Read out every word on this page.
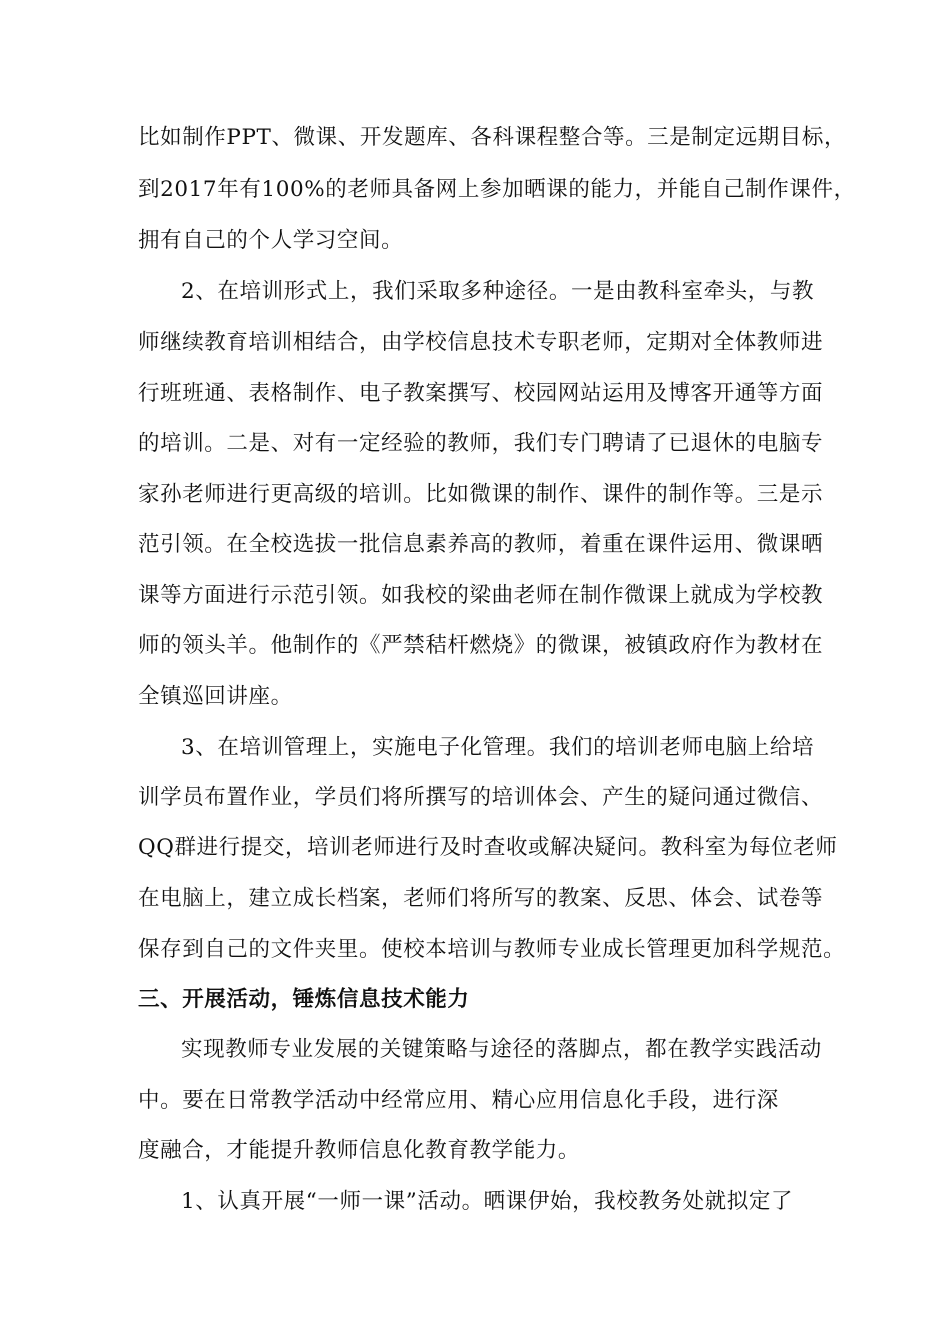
比如制作PPT、微课、开发题库、各科课程整合等。三是制定远期目标，
到2017年有100%的老师具备网上参加晒课的能力，并能自己制作课件，
拥有自己的个人学习空间。
2、在培训形式上，我们采取多种途径。一是由教科室牵头，与教
师继续教育培训相结合，由学校信息技术专职老师，定期对全体教师进
行班班通、表格制作、电子教案撰写、校园网站运用及博客开通等方面
的培训。二是、对有一定经验的教师，我们专门聘请了已退休的电脑专
家孙老师进行更高级的培训。比如微课的制作、课件的制作等。三是示
范引领。在全校选拔一批信息素养高的教师，着重在课件运用、微课晒
课等方面进行示范引领。如我校的梁曲老师在制作微课上就成为学校教
师的领头羊。他制作的《严禁秸杆燃烧》的微课，被镇政府作为教材在
全镇巡回讲座。
3、在培训管理上，实施电子化管理。我们的培训老师电脑上给培
训学员布置作业，学员们将所撰写的培训体会、产生的疑问通过微信、
QQ群进行提交，培训老师进行及时查收或解决疑问。教科室为每位老师
在电脑上，建立成长档案，老师们将所写的教案、反思、体会、试卷等
保存到自己的文件夹里。使校本培训与教师专业成长管理更加科学规范。
三、开展活动，锤炼信息技术能力
实现教师专业发展的关键策略与途径的落脚点，都在教学实践活动
中。要在日常教学活动中经常应用、精心应用信息化手段，进行深
度融合，才能提升教师信息化教育教学能力。
1、认真开展“一师一课”活动。晒课伊始，我校教务处就拟定了
